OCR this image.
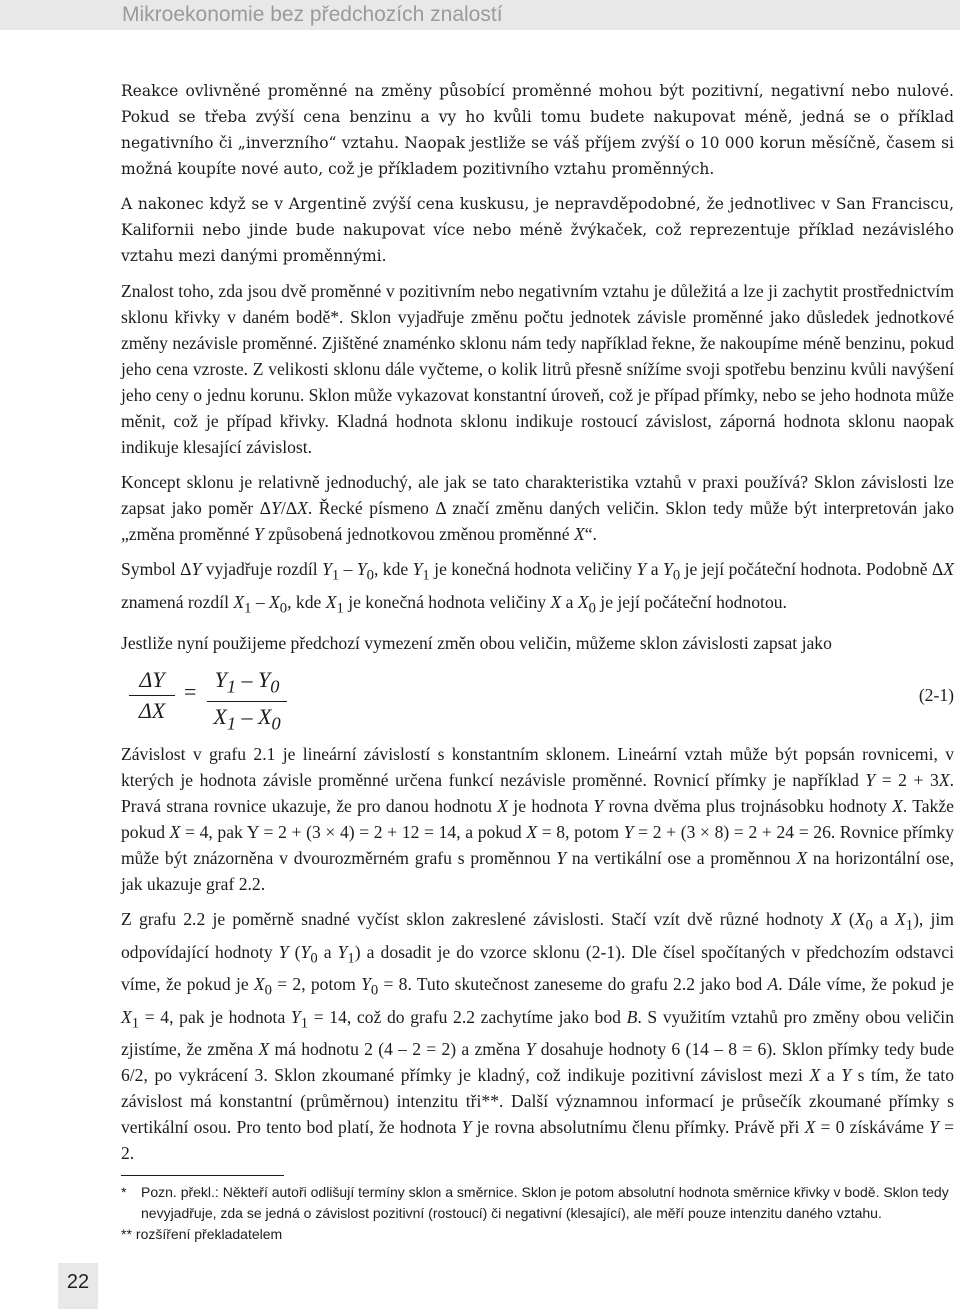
Mikroekonomie bez předchozích znalostí

Reakce ovlivněné proměnné na změny působící proměnné mohou být pozitivní, negativní nebo nulové. Pokud se třeba zvýší cena benzinu a vy ho kvůli tomu budete nakupovat méně, jedná se o příklad negativního či „inverzního“ vztahu. Naopak jestliže se váš příjem zvýší o 10 000 korun měsíčně, časem si možná koupíte nové auto, což je příkladem pozitivního vztahu proměnných.

A nakonec když se v Argentině zvýší cena kuskusu, je nepravděpodobné, že jednotlivec v San Franciscu, Kalifornii nebo jinde bude nakupovat více nebo méně žvýkaček, což reprezentuje příklad nezávislého vztahu mezi danými proměnnými.

Znalost toho, zda jsou dvě proměnné v pozitivním nebo negativním vztahu je důležitá a lze ji zachytit prostřednictvím sklonu křivky v daném bodě*. Sklon vyjadřuje změnu počtu jednotek závisle proměnné jako důsledek jednotkové změny nezávisle proměnné. Zjištěné znaménko sklonu nám tedy například řekne, že nakoupíme méně benzinu, pokud jeho cena vzroste. Z velikosti sklonu dále vyčteme, o kolik litrů přesně snížíme svoji spotřebu benzinu kvůli navýšení jeho ceny o jednu korunu. Sklon může vykazovat konstantní úroveň, což je případ přímky, nebo se jeho hodnota může měnit, což je případ křivky. Kladná hodnota sklonu indikuje rostoucí závislost, záporná hodnota sklonu naopak indikuje klesající závislost.

Koncept sklonu je relativně jednoduchý, ale jak se tato charakteristika vztahů v praxi používá? Sklon závislosti lze zapsat jako poměr ΔY/ΔX. Řecké písmeno Δ značí změnu daných veličin. Sklon tedy může být interpretován jako „změna proměnné Y způsobená jednotkovou změnou proměnné X“.

Symbol ΔY vyjadřuje rozdíl $Y_1 - Y_0$, kde $Y_1$ je konečná hodnota veličiny Y a $Y_0$ je její počáteční hodnota. Podobně ΔX znamená rozdíl $X_1 - X_0$, kde $X_1$ je konečná hodnota veličiny X a $X_0$ je její počáteční hodnotou.

Jestliže nyní použijeme předchozí vymezení změn obou veličin, můžeme sklon závislosti zapsat jako

$\frac{\Delta Y}{\Delta X} = \frac{Y_1 - Y_0}{X_1 - X_0}$	(2-1)

Závislost v grafu 2.1 je lineární závislostí s konstantním sklonem. Lineární vztah může být popsán rovnicemi, v kterých je hodnota závisle proměnné určena funkcí nezávisle proměnné. Rovnicí přímky je například Y = 2 + 3X. Pravá strana rovnice ukazuje, že pro danou hodnotu X je hodnota Y rovna dvěma plus trojnásobku hodnoty X. Takže pokud X = 4, pak Y = 2 + (3 × 4) = 2 + 12 = 14, a pokud X = 8, potom Y = 2 + (3 × 8) = 2 + 24 = 26. Rovnice přímky může být znázorněna v dvourozměrném grafu s proměnnou Y na vertikální ose a proměnnou X na horizontální ose, jak ukazuje graf 2.2.

Z grafu 2.2 je poměrně snadné vyčíst sklon zakreslené závislosti. Stačí vzít dvě různé hodnoty X ($X_0$ a $X_1$), jim odpovídající hodnoty Y ($Y_0$ a $Y_1$) a dosadit je do vzorce sklonu (2-1). Dle čísel spočítaných v předchozím odstavci víme, že pokud je $X_0 = 2$, potom $Y_0 = 8$. Tuto skutečnost zaneseme do grafu 2.2 jako bod A. Dále víme, že pokud je $X_1 = 4$, pak je hodnota $Y_1 = 14$, což do grafu 2.2 zachytíme jako bod B. S využitím vztahů pro změny obou veličin zjistíme, že změna X má hodnotu 2 (4 – 2 = 2) a změna Y dosahuje hodnoty 6 (14 – 8 = 6). Sklon přímky tedy bude 6/2, po vykrácení 3. Sklon zkoumané přímky je kladný, což indikuje pozitivní závislost mezi X a Y s tím, že tato závislost má konstantní (průměrnou) intenzitu tři**. Další významnou informací je průsečík zkoumané přímky s vertikální osou. Pro tento bod platí, že hodnota Y je rovna absolutnímu členu přímky. Právě při X = 0 získáváme Y = 2.

*	Pozn. překl.: Někteří autoři odlišují termíny sklon a směrnice. Sklon je potom absolutní hodnota směrnice křivky v bodě. Sklon tedy nevyjadřuje, zda se jedná o závislost pozitivní (rostoucí) či negativní (klesající), ale měří pouze intenzitu daného vztahu.
** rozšíření překladatelem
22
